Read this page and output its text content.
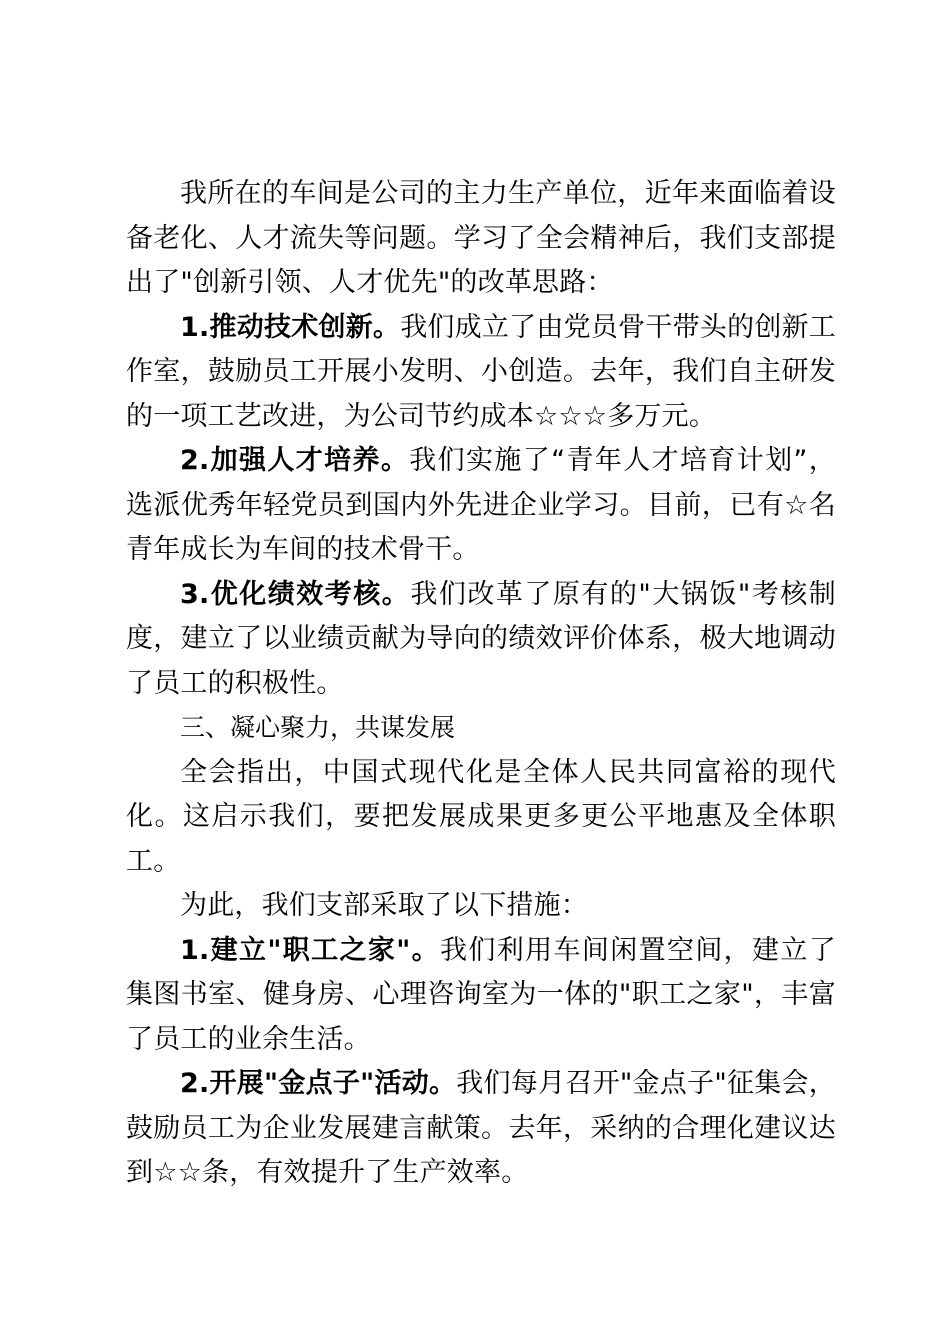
我所在的车间是公司的主力生产单位，近年来面临着设备老化、人才流失等问题。学习了全会精神后，我们支部提出了"创新引领、人才优先"的改革思路：

1.推动技术创新。我们成立了由党员骨干带头的创新工作室，鼓励员工开展小发明、小创造。去年，我们自主研发的一项工艺改进，为公司节约成本☆☆☆多万元。

2.加强人才培养。我们实施了“青年人才培育计划”，选派优秀年轻党员到国内外先进企业学习。目前，已有☆名青年成长为车间的技术骨干。

3.优化绩效考核。我们改革了原有的"大锅饭"考核制度，建立了以业绩贡献为导向的绩效评价体系，极大地调动了员工的积极性。

三、凝心聚力，共谋发展

全会指出，中国式现代化是全体人民共同富裕的现代化。这启示我们，要把发展成果更多更公平地惠及全体职工。

为此，我们支部采取了以下措施：

1.建立"职工之家"。我们利用车间闲置空间，建立了集图书室、健身房、心理咨询室为一体的"职工之家"，丰富了员工的业余生活。

2.开展"金点子"活动。我们每月召开"金点子"征集会，鼓励员工为企业发展建言献策。去年，采纳的合理化建议达到☆☆条，有效提升了生产效率。
